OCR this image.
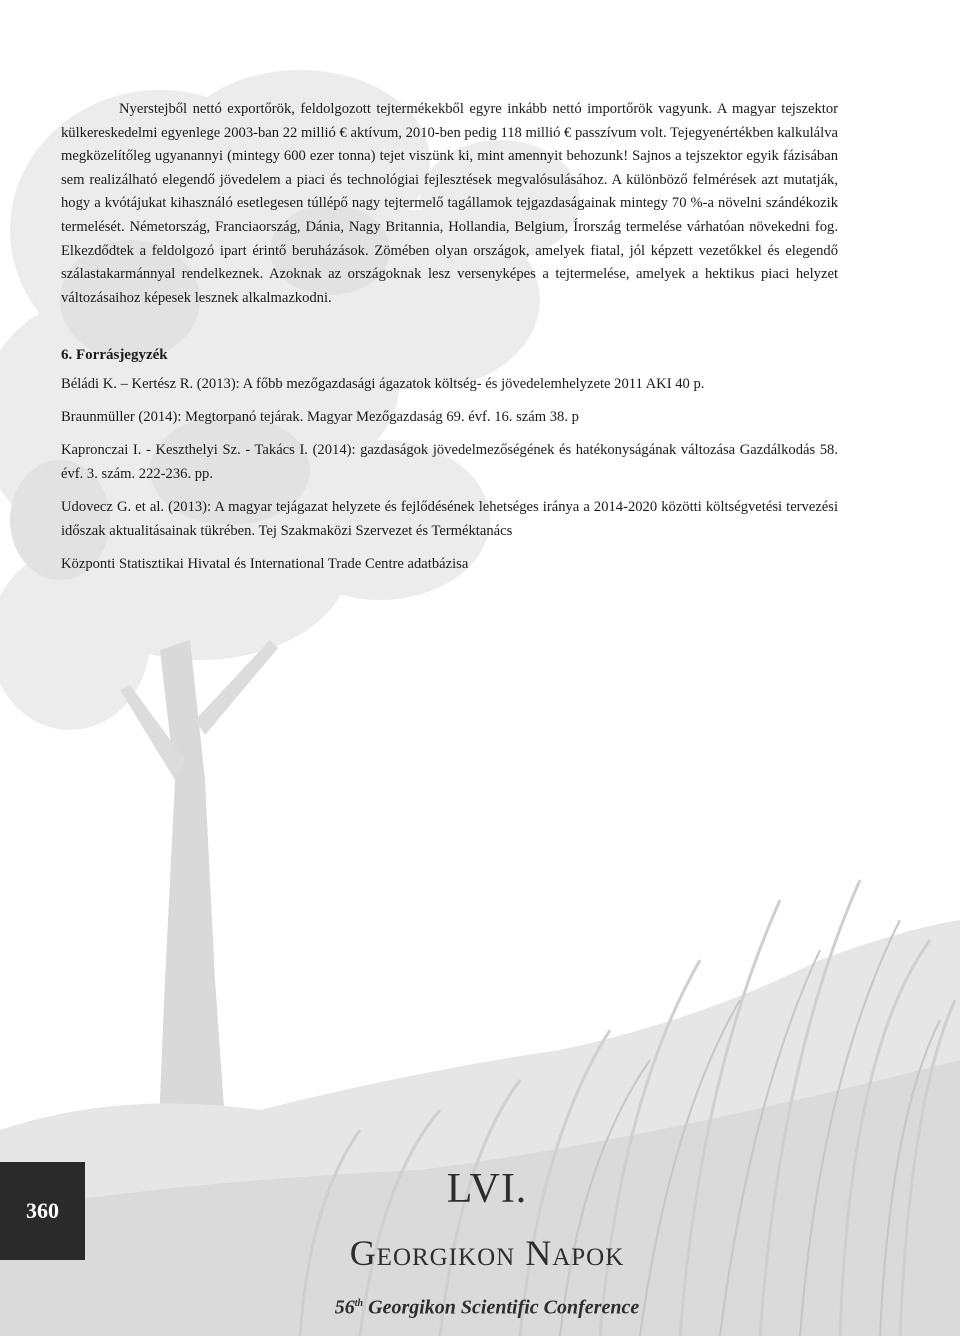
Nyerstejből nettó exportőrök, feldolgozott tejtermékekből egyre inkább nettó importőrök vagyunk. A magyar tejszektor külkereskedelmi egyenlege 2003-ban 22 millió € aktívum, 2010-ben pedig 118 millió € passzívum volt. Tejegyenértékben kalkulálva megközelítőleg ugyanannyi (mintegy 600 ezer tonna) tejet viszünk ki, mint amennyit behozunk! Sajnos a tejszektor egyik fázisában sem realizálható elegendő jövedelem a piaci és technológiai fejlesztések megvalósulásához. A különböző felmérések azt mutatják, hogy a kvótájukat kihasználó esetlegesen túllépő nagy tejtermelő tagállamok tejgazdaságainak mintegy 70 %-a növelni szándékozik termelését. Németország, Franciaország, Dánia, Nagy Britannia, Hollandia, Belgium, Írország termelése várhatóan növekedni fog. Elkezdődtek a feldolgozó ipart érintő beruházások. Zömében olyan országok, amelyek fiatal, jól képzett vezetőkkel és elegendő szálastakarmánnyal rendelkeznek. Azoknak az országoknak lesz versenyképes a tejtermelése, amelyek a hektikus piaci helyzet változásaihoz képesek lesznek alkalmazkodni.

6. Forrásjegyzék

Béládi K. – Kertész R. (2013): A főbb mezőgazdasági ágazatok költség- és jövedelemhelyzete 2011 AKI 40 p.

Braunmüller (2014): Megtorpanó tejárak. Magyar Mezőgazdaság 69. évf. 16. szám 38. p

Kapronczai I. - Keszthelyi Sz. - Takács I. (2014): gazdaságok jövedelmezőségének és hatékonyságának változása Gazdálkodás 58. évf. 3. szám. 222-236. pp.

Udovecz G. et al. (2013): A magyar tejágazat helyzete és fejlődésének lehetséges iránya a 2014-2020 közötti költségvetési tervezési időszak aktualitásainak tükrében. Tej Szakmaközi Szervezet és Terméktanács

Központi Statisztikai Hivatal és International Trade Centre adatbázisa

360	LVI.
Georgikon Napok
56th Georgikon Scientific Conference
